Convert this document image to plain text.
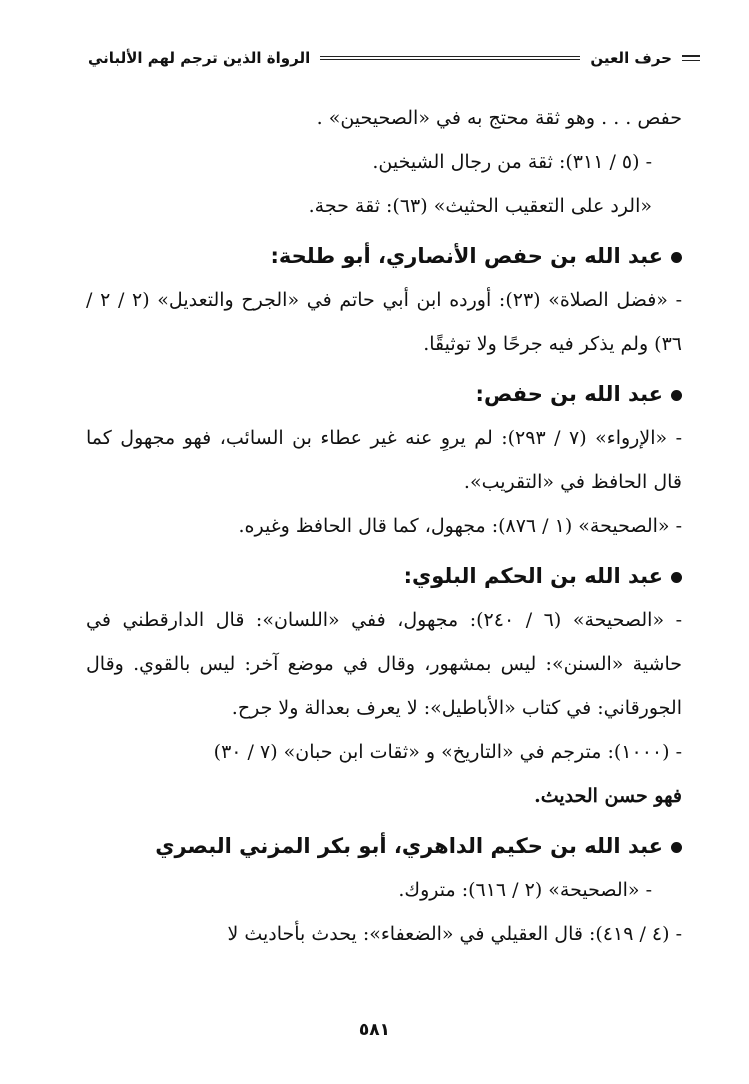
حرف العين
الرواة الذين ترجم لهم الألباني

حفص . . . وهو ثقة محتج به في «الصحيحين» .

- (٥ / ٣١١): ثقة من رجال الشيخين.

«الرد على التعقيب الحثيث» (٦٣): ثقة حجة.

عبد الله بن حفص الأنصاري، أبو طلحة:

- «فضل الصلاة» (٢٣): أورده ابن أبي حاتم في «الجرح والتعديل» (٢ / ٢ / ٣٦) ولم يذكر فيه جرحًا ولا توثيقًا.

عبد الله بن حفص:

- «الإرواء» (٧ / ٢٩٣): لم يروِ عنه غير عطاء بن السائب، فهو مجهول كما قال الحافظ في «التقريب».

- «الصحيحة» (١ / ٨٧٦): مجهول، كما قال الحافظ وغيره.

عبد الله بن الحكم البلوي:

- «الصحيحة» (٦ / ٢٤٠): مجهول، ففي «اللسان»: قال الدارقطني في حاشية «السنن»: ليس بمشهور، وقال في موضع آخر: ليس بالقوي. وقال الجورقاني: في كتاب «الأباطيل»: لا يعرف بعدالة ولا جرح.

- (١٠٠٠): مترجم في «التاريخ» و «ثقات ابن حبان» (٧ / ٣٠)

فهو حسن الحديث.

عبد الله بن حكيم الداهري، أبو بكر المزني البصري

- «الصحيحة» (٢ / ٦١٦): متروك.

- (٤ / ٤١٩): قال العقيلي في «الضعفاء»: يحدث بأحاديث لا

٥٨١
